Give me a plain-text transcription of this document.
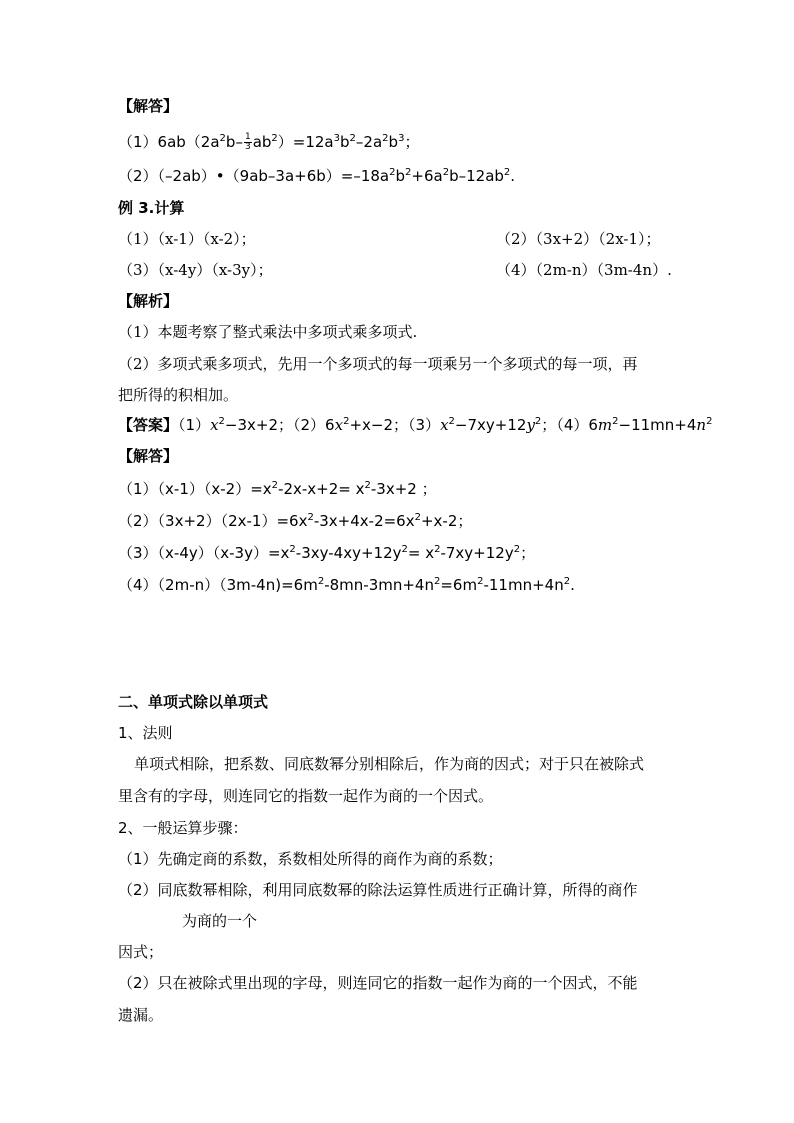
【解答】
$(1)6ab(2a^2b- \frac{1}{3} ab^2)=12a^3b^2-2a^2b^3$；
$(2)(-2ab)•(9ab-3a+6b)=-18a^2b^2+6a^2b-12ab^2$.
例 3.计算
（1）（x-1）（x-2）；	（2）（3x+2）（2x-1）；
（3）（x-4y）（x-3y）；	（4）（2m-n）（3m-4n）.
【解析】
（1）本题考察了整式乘法中多项式乘多项式.
（2）多项式乘多项式，先用一个多项式的每一项乘另一个多项式的每一项，再
把所得的积相加。
【答案】$(1)x^2-3x+2$；$(2)6x^2+x-2$；$(3)x^2-7xy+12y^2$；$(4)6m^2-11mn+4n^2$
【解答】
$(1)(x-1)(x-2)=x^2-2x-x+2= x^2-3x+2$ ；
$(2)(3x+2)(2x-1)=6x^2-3x+4x-2=6x^2+x-2$；
$(3)(x-4y)(x-3y)=x^2-3xy-4xy+12y^2= x^2-7xy+12y^2$；
$(4)(2m-n)(3m-4n)=6m^2-8mn-3mn+4n^2=6m^2-11mn+4n^2$.
二、单项式除以单项式
1、法则
单项式相除，把系数、同底数幂分别相除后，作为商的因式；对于只在被除式
里含有的字母，则连同它的指数一起作为商的一个因式。
2、一般运算步骤：
（1）先确定商的系数，系数相处所得的商作为商的系数；
（2）同底数幂相除，利用同底数幂的除法运算性质进行正确计算，所得的商作
为商的一个
因式；
（2）只在被除式里出现的字母，则连同它的指数一起作为商的一个因式，不能
遗漏。
